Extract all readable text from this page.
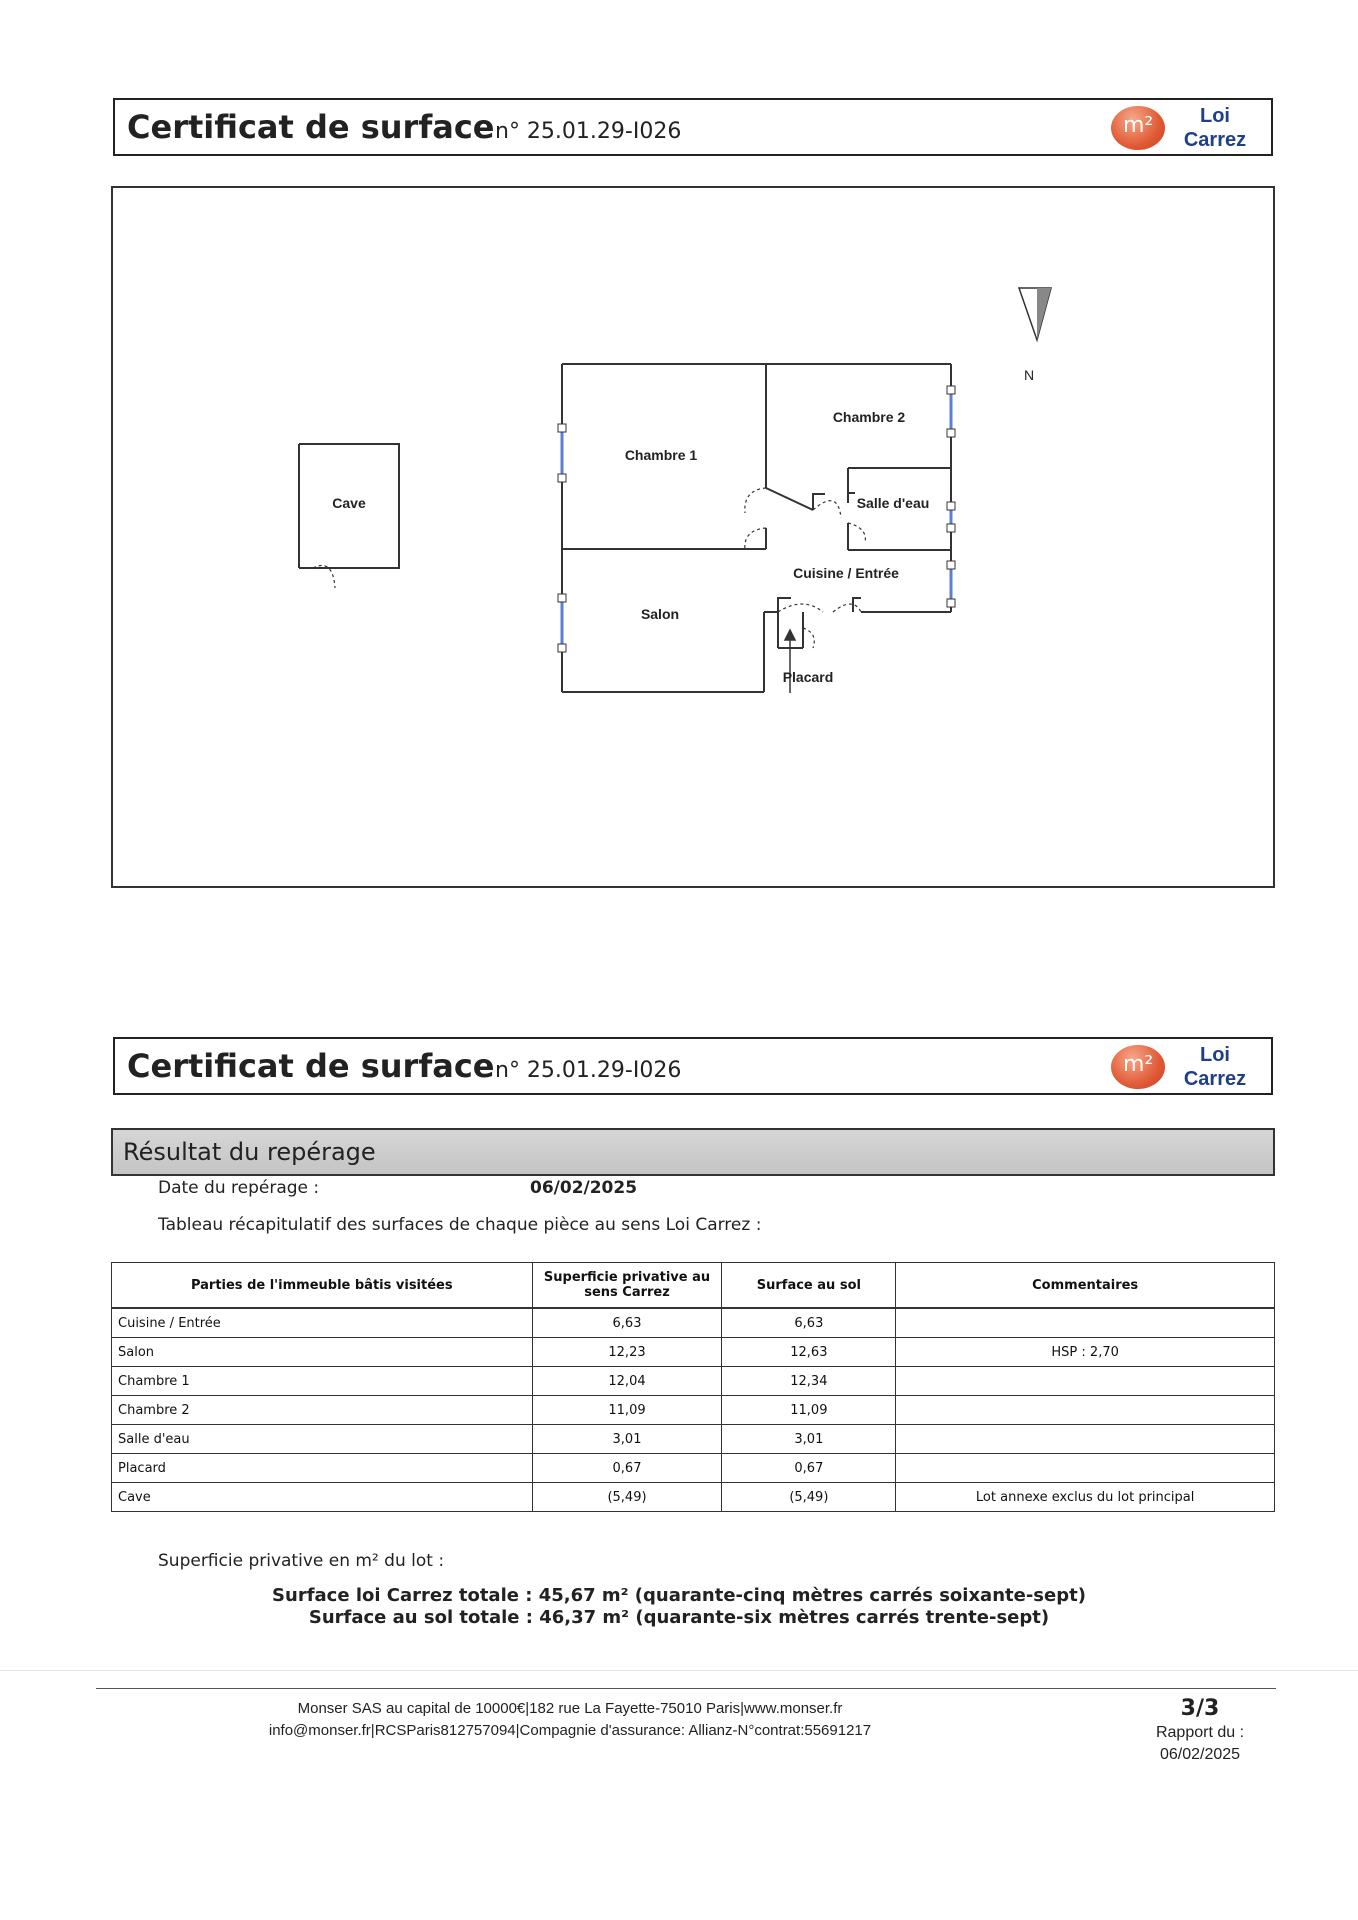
Certificat de surface n° 25.01.29-I026	m²	Loi
Carrez
Cave
Chambre 1
Chambre 2
Salle d'eau
Cuisine / Entrée
Salon
Placard
N
Certificat de surface n° 25.01.29-I026	m²	Loi
Carrez
Résultat du repérage
Date du repérage :	06/02/2025
Tableau récapitulatif des surfaces de chaque pièce au sens Loi Carrez :
Parties de l'immeuble bâtis visitées	Superficie privative au sens Carrez	Surface au sol	Commentaires
Cuisine / Entrée	6,63	6,63	
Salon	12,23	12,63	HSP : 2,70
Chambre 1	12,04	12,34	
Chambre 2	11,09	11,09	
Salle d'eau	3,01	3,01	
Placard	0,67	0,67	
Cave	(5,49)	(5,49)	Lot annexe exclus du lot principal
Superficie privative en m² du lot :
Surface loi Carrez totale : 45,67 m² (quarante-cinq mètres carrés soixante-sept)
Surface au sol totale : 46,37 m² (quarante-six mètres carrés trente-sept)
Monser SAS au capital de 10000€|182 rue La Fayette-75010 Paris|www.monser.fr
info@monser.fr|RCSParis812757094|Compagnie d'assurance: Allianz-N°contrat:55691217
3/3
Rapport du :
06/02/2025
